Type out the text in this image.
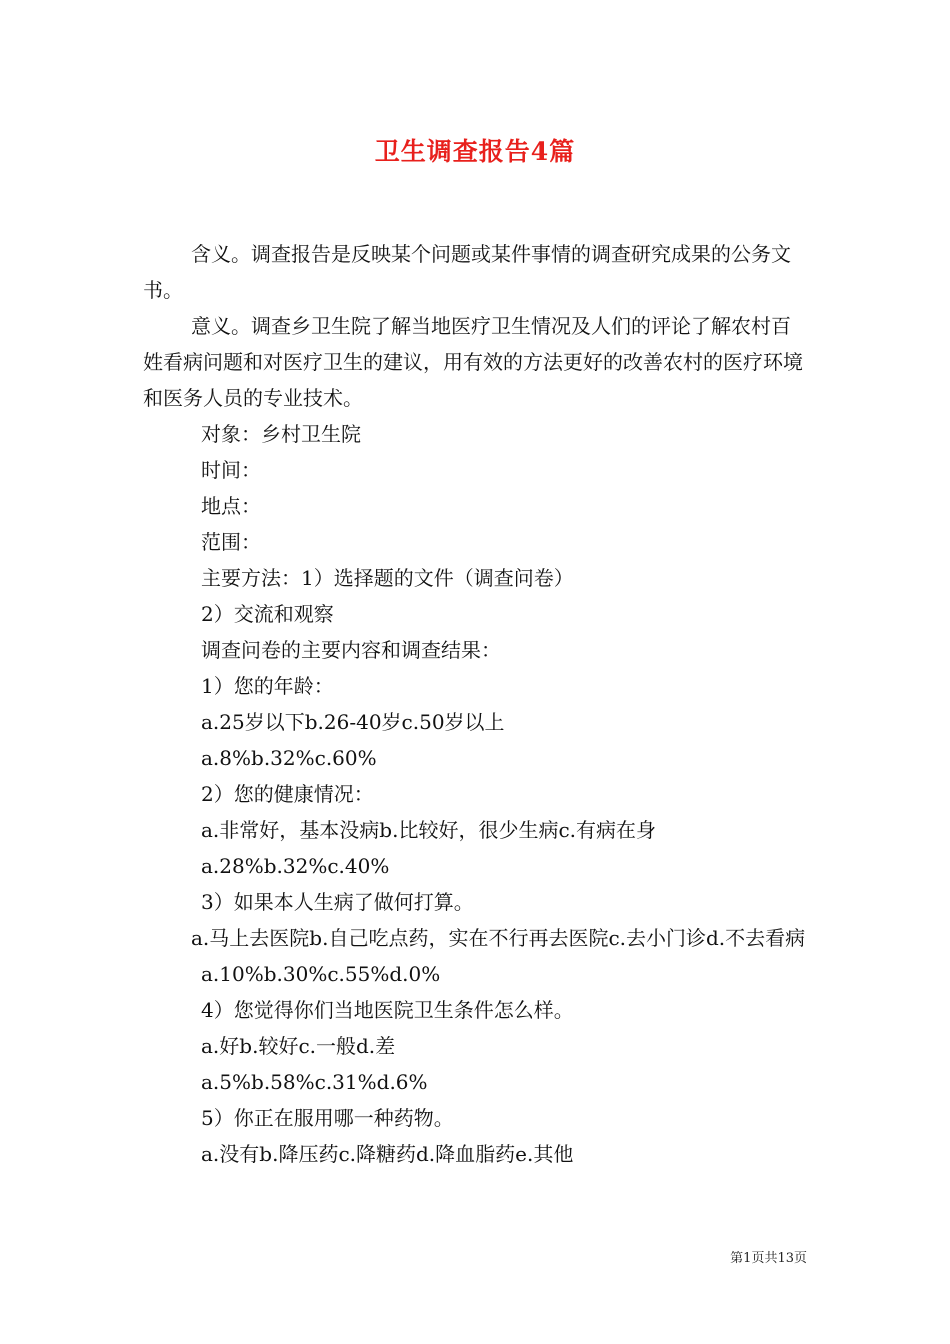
卫生调查报告4篇

含义。调查报告是反映某个问题或某件事情的调查研究成果的公务文书。

意义。调查乡卫生院了解当地医疗卫生情况及人们的评论了解农村百姓看病问题和对医疗卫生的建议，用有效的方法更好的改善农村的医疗环境和医务人员的专业技术。

对象：乡村卫生院

时间：

地点：

范围：

主要方法：1）选择题的文件（调查问卷）

2）交流和观察

调查问卷的主要内容和调查结果：

1）您的年龄：

a.25岁以下b.26-40岁c.50岁以上

a.8%b.32%c.60%

2）您的健康情况：

a.非常好，基本没病b.比较好，很少生病c.有病在身

a.28%b.32%c.40%

3）如果本人生病了做何打算。

a.马上去医院b.自己吃点药，实在不行再去医院c.去小门诊d.不去看病

a.10%b.30%c.55%d.0%

4）您觉得你们当地医院卫生条件怎么样。

a.好b.较好c.一般d.差

a.5%b.58%c.31%d.6%

5）你正在服用哪一种药物。

a.没有b.降压药c.降糖药d.降血脂药e.其他

第1页共13页
